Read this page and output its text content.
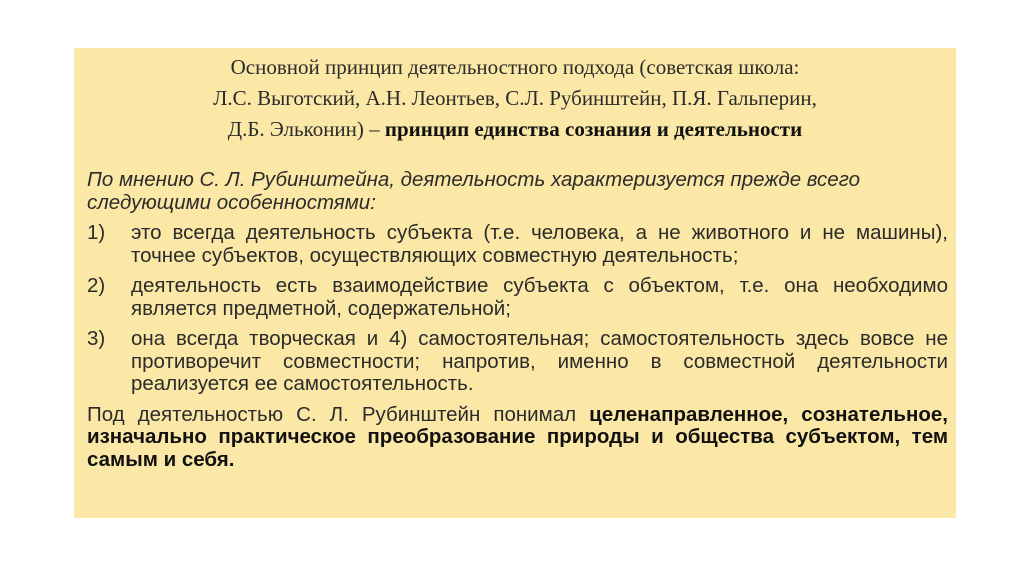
Основной принцип деятельностного подхода (советская школа:
Л.С. Выготский, А.Н. Леонтьев, С.Л. Рубинштейн, П.Я. Гальперин,
Д.Б. Эльконин) – принцип единства сознания и деятельности
По мнению С. Л. Рубинштейна, деятельность характеризуется прежде всего следующими особенностями:
1)	это всегда деятельность субъекта (т.е. человека, а не животного и не машины), точнее субъектов, осуществляющих совместную деятельность;
2)	деятельность есть взаимодействие субъекта с объектом, т.е. она необходимо является предметной, содержательной;
3)	она всегда творческая и 4) самостоятельная; самостоятельность здесь вовсе не противоречит совместности; напротив, именно в совместной деятельности реализуется ее самостоятельность.
Под деятельностью С. Л. Рубинштейн понимал целенаправленное, сознательное, изначально практическое преобразование природы и общества субъектом, тем самым и себя.
